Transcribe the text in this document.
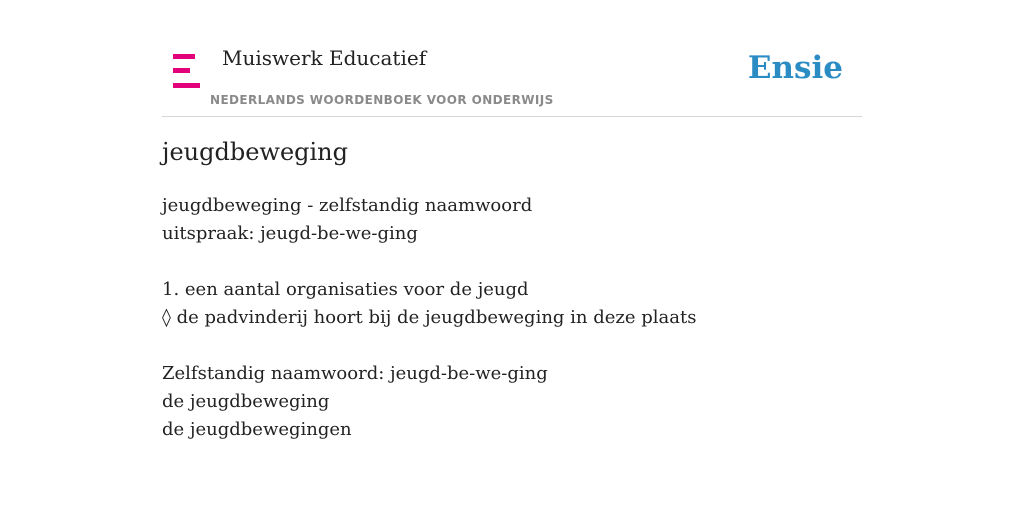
Muiswerk Educatief
NEDERLANDS WOORDENBOEK VOOR ONDERWIJS
Ensie
jeugdbeweging
jeugdbeweging - zelfstandig naamwoord
uitspraak: jeugd-be-we-ging
1. een aantal organisaties voor de jeugd
◊ de padvinderij hoort bij de jeugdbeweging in deze plaats
Zelfstandig naamwoord: jeugd-be-we-ging
de jeugdbeweging
de jeugdbewegingen
